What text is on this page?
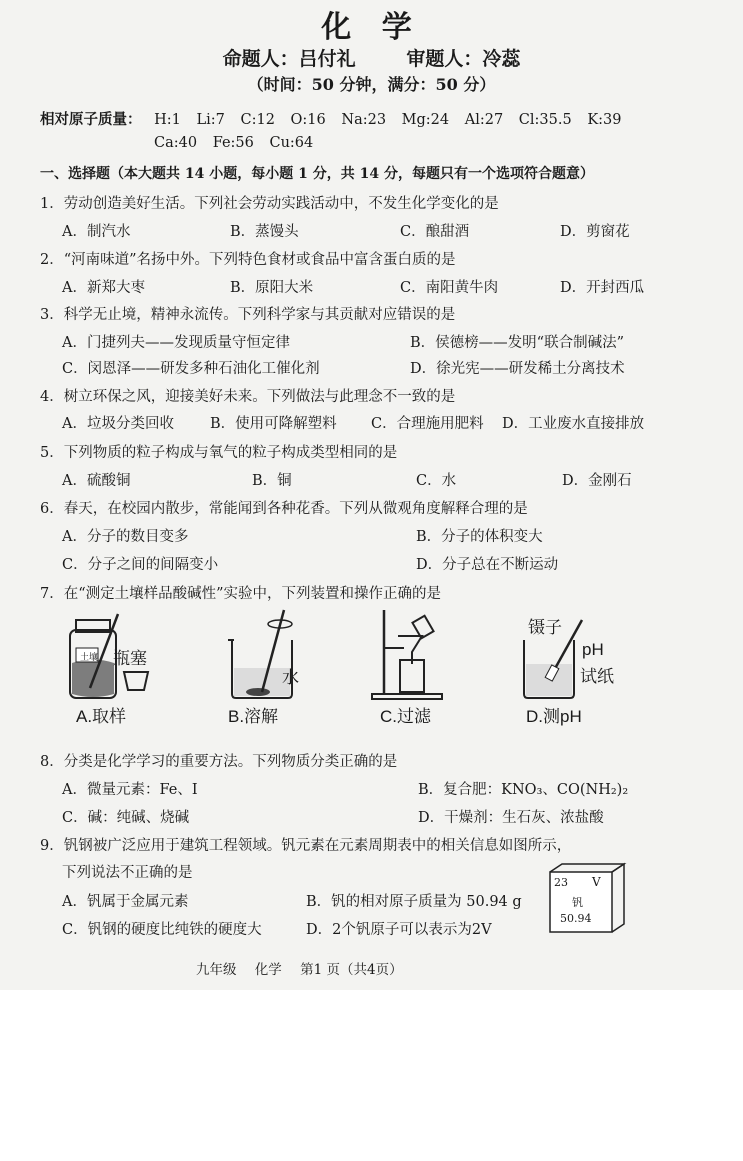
化 学
命题人：吕付礼	审题人：冷蕊
（时间：50 分钟，满分：50 分）
相对原子质量： H:1 Li:7 C:12 O:16 Na:23 Mg:24 Al:27 Cl:35.5 K:39
Ca:40 Fe:56 Cu:64
一、选择题（本大题共 14 小题，每小题 1 分，共 14 分，每题只有一个选项符合题意）
1．劳动创造美好生活。下列社会劳动实践活动中，不发生化学变化的是
A．制汽水	B．蒸馒头	C．酿甜酒	D．剪窗花
2．“河南味道”名扬中外。下列特色食材或食品中富含蛋白质的是
A．新郑大枣	B．原阳大米	C．南阳黄牛肉	D．开封西瓜
3．科学无止境，精神永流传。下列科学家与其贡献对应错误的是
A．门捷列夫——发现质量守恒定律	B．侯德榜——发明“联合制碱法”
C．闵恩泽——研发多种石油化工催化剂	D．徐光宪——研发稀土分离技术
4．树立环保之风，迎接美好未来。下列做法与此理念不一致的是
A．垃圾分类回收 B．使用可降解塑料 C．合理施用肥料 D．工业废水直接排放
5．下列物质的粒子构成与氧气的粒子构成类型相同的是
A．硫酸铜	B．铜	C．水	D．金刚石
6．春天，在校园内散步，常能闻到各种花香。下列从微观角度解释合理的是
A．分子的数目变多	B．分子的体积变大
C．分子之间的间隔变小	D．分子总在不断运动
7．在“测定土壤样品酸碱性”实验中，下列装置和操作正确的是
瓶塞
土壤
水
镊子
pH
试纸
A.取样	B.溶解	C.过滤	D.测pH
8．分类是化学学习的重要方法。下列物质分类正确的是
A．微量元素：Fe、I	B．复合肥：KNO₃、CO(NH₂)₂
C．碱：纯碱、烧碱	D．干燥剂：生石灰、浓盐酸
9．钒钢被广泛应用于建筑工程领域。钒元素在元素周期表中的相关信息如图所示，
下列说法不正确的是
A．钒属于金属元素	B．钒的相对原子质量为 50.94 g
C．钒钢的硬度比纯铁的硬度大	D．2个钒原子可以表示为2V
23 V
钒
50.94
九年级 化学 第1 页（共4页）
